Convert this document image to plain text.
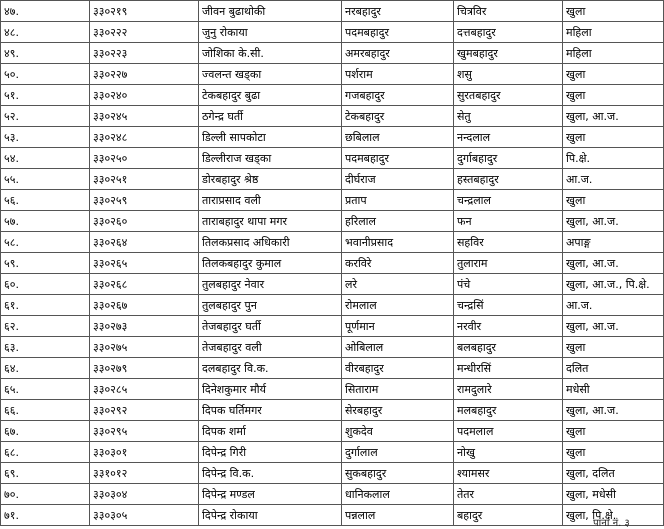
४७.	३३०२१९	जीवन बुढाथोकी	नरबहादुर	चित्रविर	खुला
४८.	३३०२२२	जुनु रोकाया	पदमबहादुर	दत्तबहादुर	महिला
४९.	३३०२२३	जोशिका के.सी.	अमरबहादुर	खुमबहादुर	महिला
५०.	३३०२२७	ज्वलन्त खड्का	पर्शराम	शसु	खुला
५१.	३३०२४०	टेकबहादुर बुढा	गजबहादुर	सुरतबहादुर	खुला
५२.	३३०२४५	ठगेन्द्र घर्ती	टेकबहादुर	सेतु	खुला, आ.ज.
५३.	३३०२४८	डिल्ली सापकोटा	छबिलाल	नन्दलाल	खुला
५४.	३३०२५०	डिल्लीराज खड्का	पदमबहादुर	दुर्गाबहादुर	पि.क्षे.
५५.	३३०२५१	डोरबहादुर श्रेष्ठ	दीर्घराज	हस्तबहादुर	आ.ज.
५६.	३३०२५९	ताराप्रसाद वली	प्रताप	चन्द्रलाल	खुला
५७.	३३०२६०	ताराबहादुर थापा मगर	हरिलाल	फन	खुला, आ.ज.
५८.	३३०२६४	तिलकप्रसाद अधिकारी	भवानीप्रसाद	सहविर	अपाङ्ग
५९.	३३०२६५	तिलकबहादुर कुमाल	करविरे	तुलाराम	खुला, आ.ज.
६०.	३३०२६८	तुलबहादुर नेवार	लरे	पंचे	खुला, आ.ज., पि.क्षे.
६१.	३३०२६७	तुलबहादुर पुन	रोमलाल	चन्द्रसिं	आ.ज.
६२.	३३०२७३	तेजबहादुर घर्ती	पूर्णमान	नरवीर	खुला, आ.ज.
६३.	३३०२७५	तेजबहादुर वली	ओबिलाल	बलबहादुर	खुला
६४.	३३०२७९	दलबहादुर वि.क.	वीरबहादुर	मन्धीरसिं	दलित
६५.	३३०२८५	दिनेशकुमार मौर्य	सिताराम	रामदुलारे	मधेसी
६६.	३३०२९२	दिपक घर्तिमगर	सेरबहादुर	मलबहादुर	खुला, आ.ज.
६७.	३३०२९५	दिपक शर्मा	शुकदेव	पदमलाल	खुला
६८.	३३०३०१	दिपेन्द्र गिरी	दुर्गालाल	नोखु	खुला
६९.	३३१०१२	दिपेन्द्र वि.क.	सुकबहादुर	श्यामसर	खुला, दलित
७०.	३३०३०४	दिपेन्द्र मण्डल	धानिकलाल	तेतर	खुला, मधेसी
७१.	३३०३०५	दिपेन्द्र रोकाया	पन्नलाल	बहादुर	खुला, पि.क्षे.
पाना नं. ३
